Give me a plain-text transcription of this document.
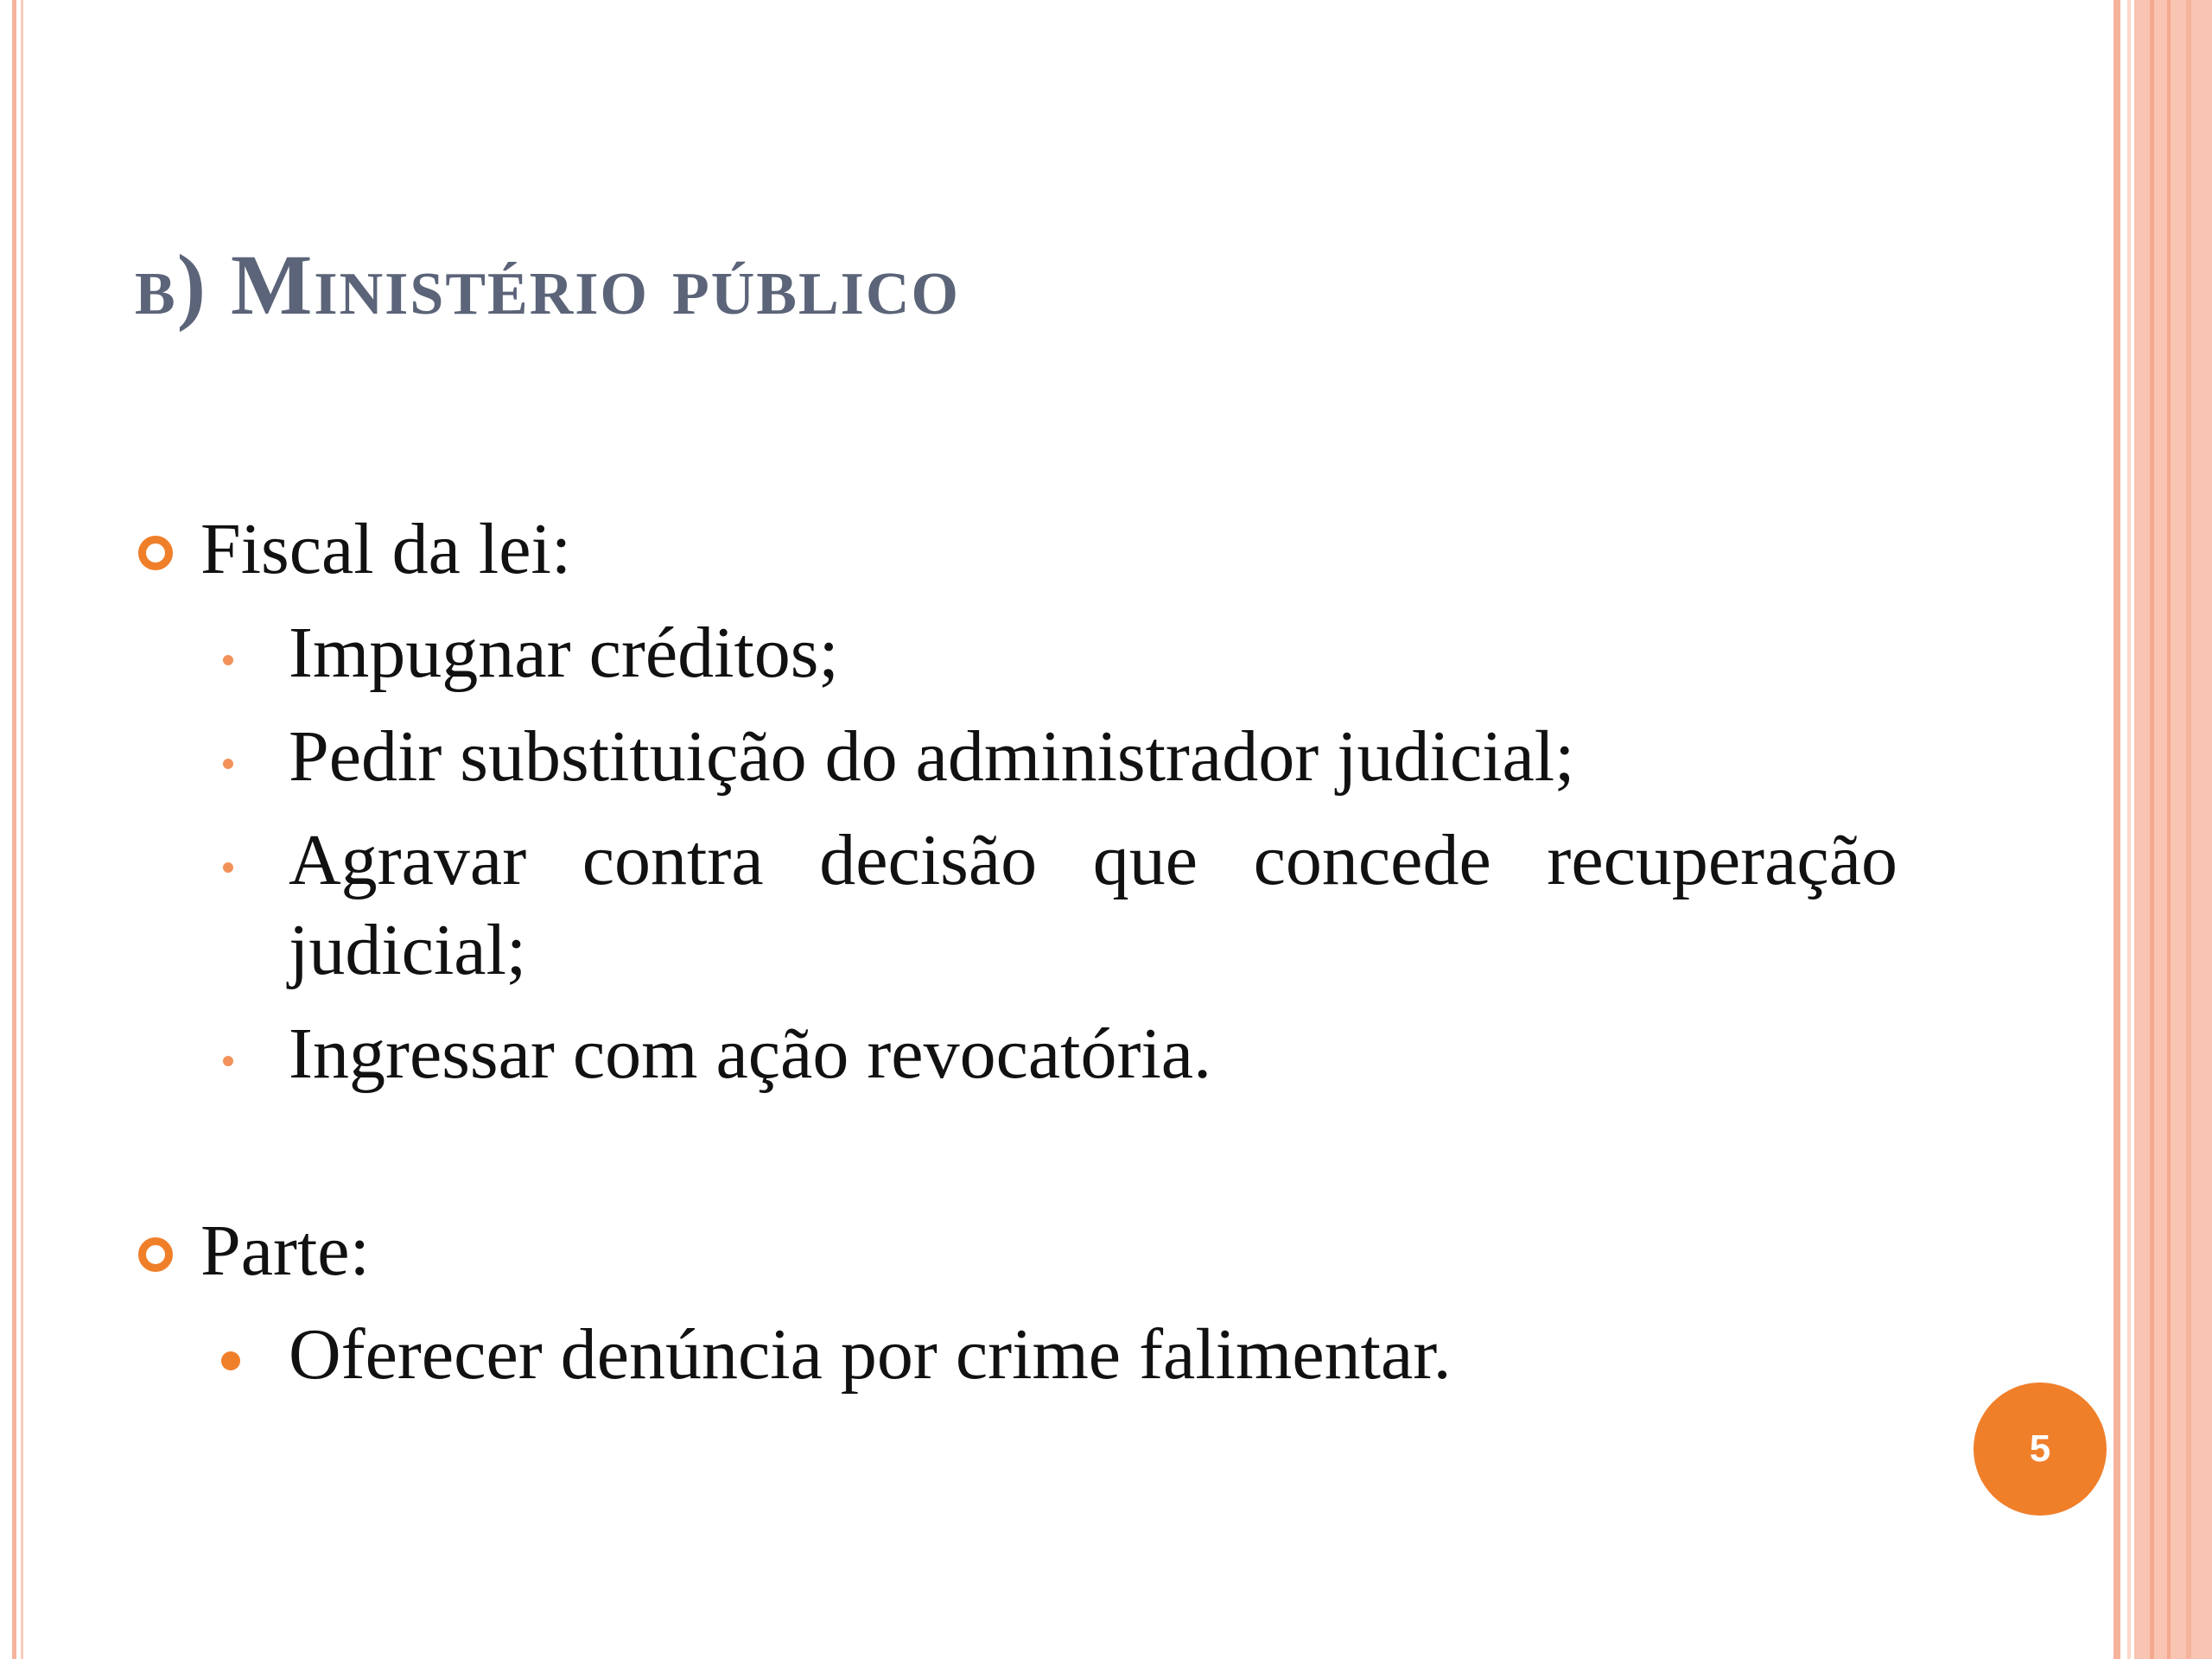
b) Ministério público

Fiscal da lei:

Impugnar créditos;

Pedir substituição do administrador judicial;

Agravar contra decisão que concede recuperação judicial;

Ingressar com ação revocatória.

Parte:

Oferecer denúncia por crime falimentar.

5
